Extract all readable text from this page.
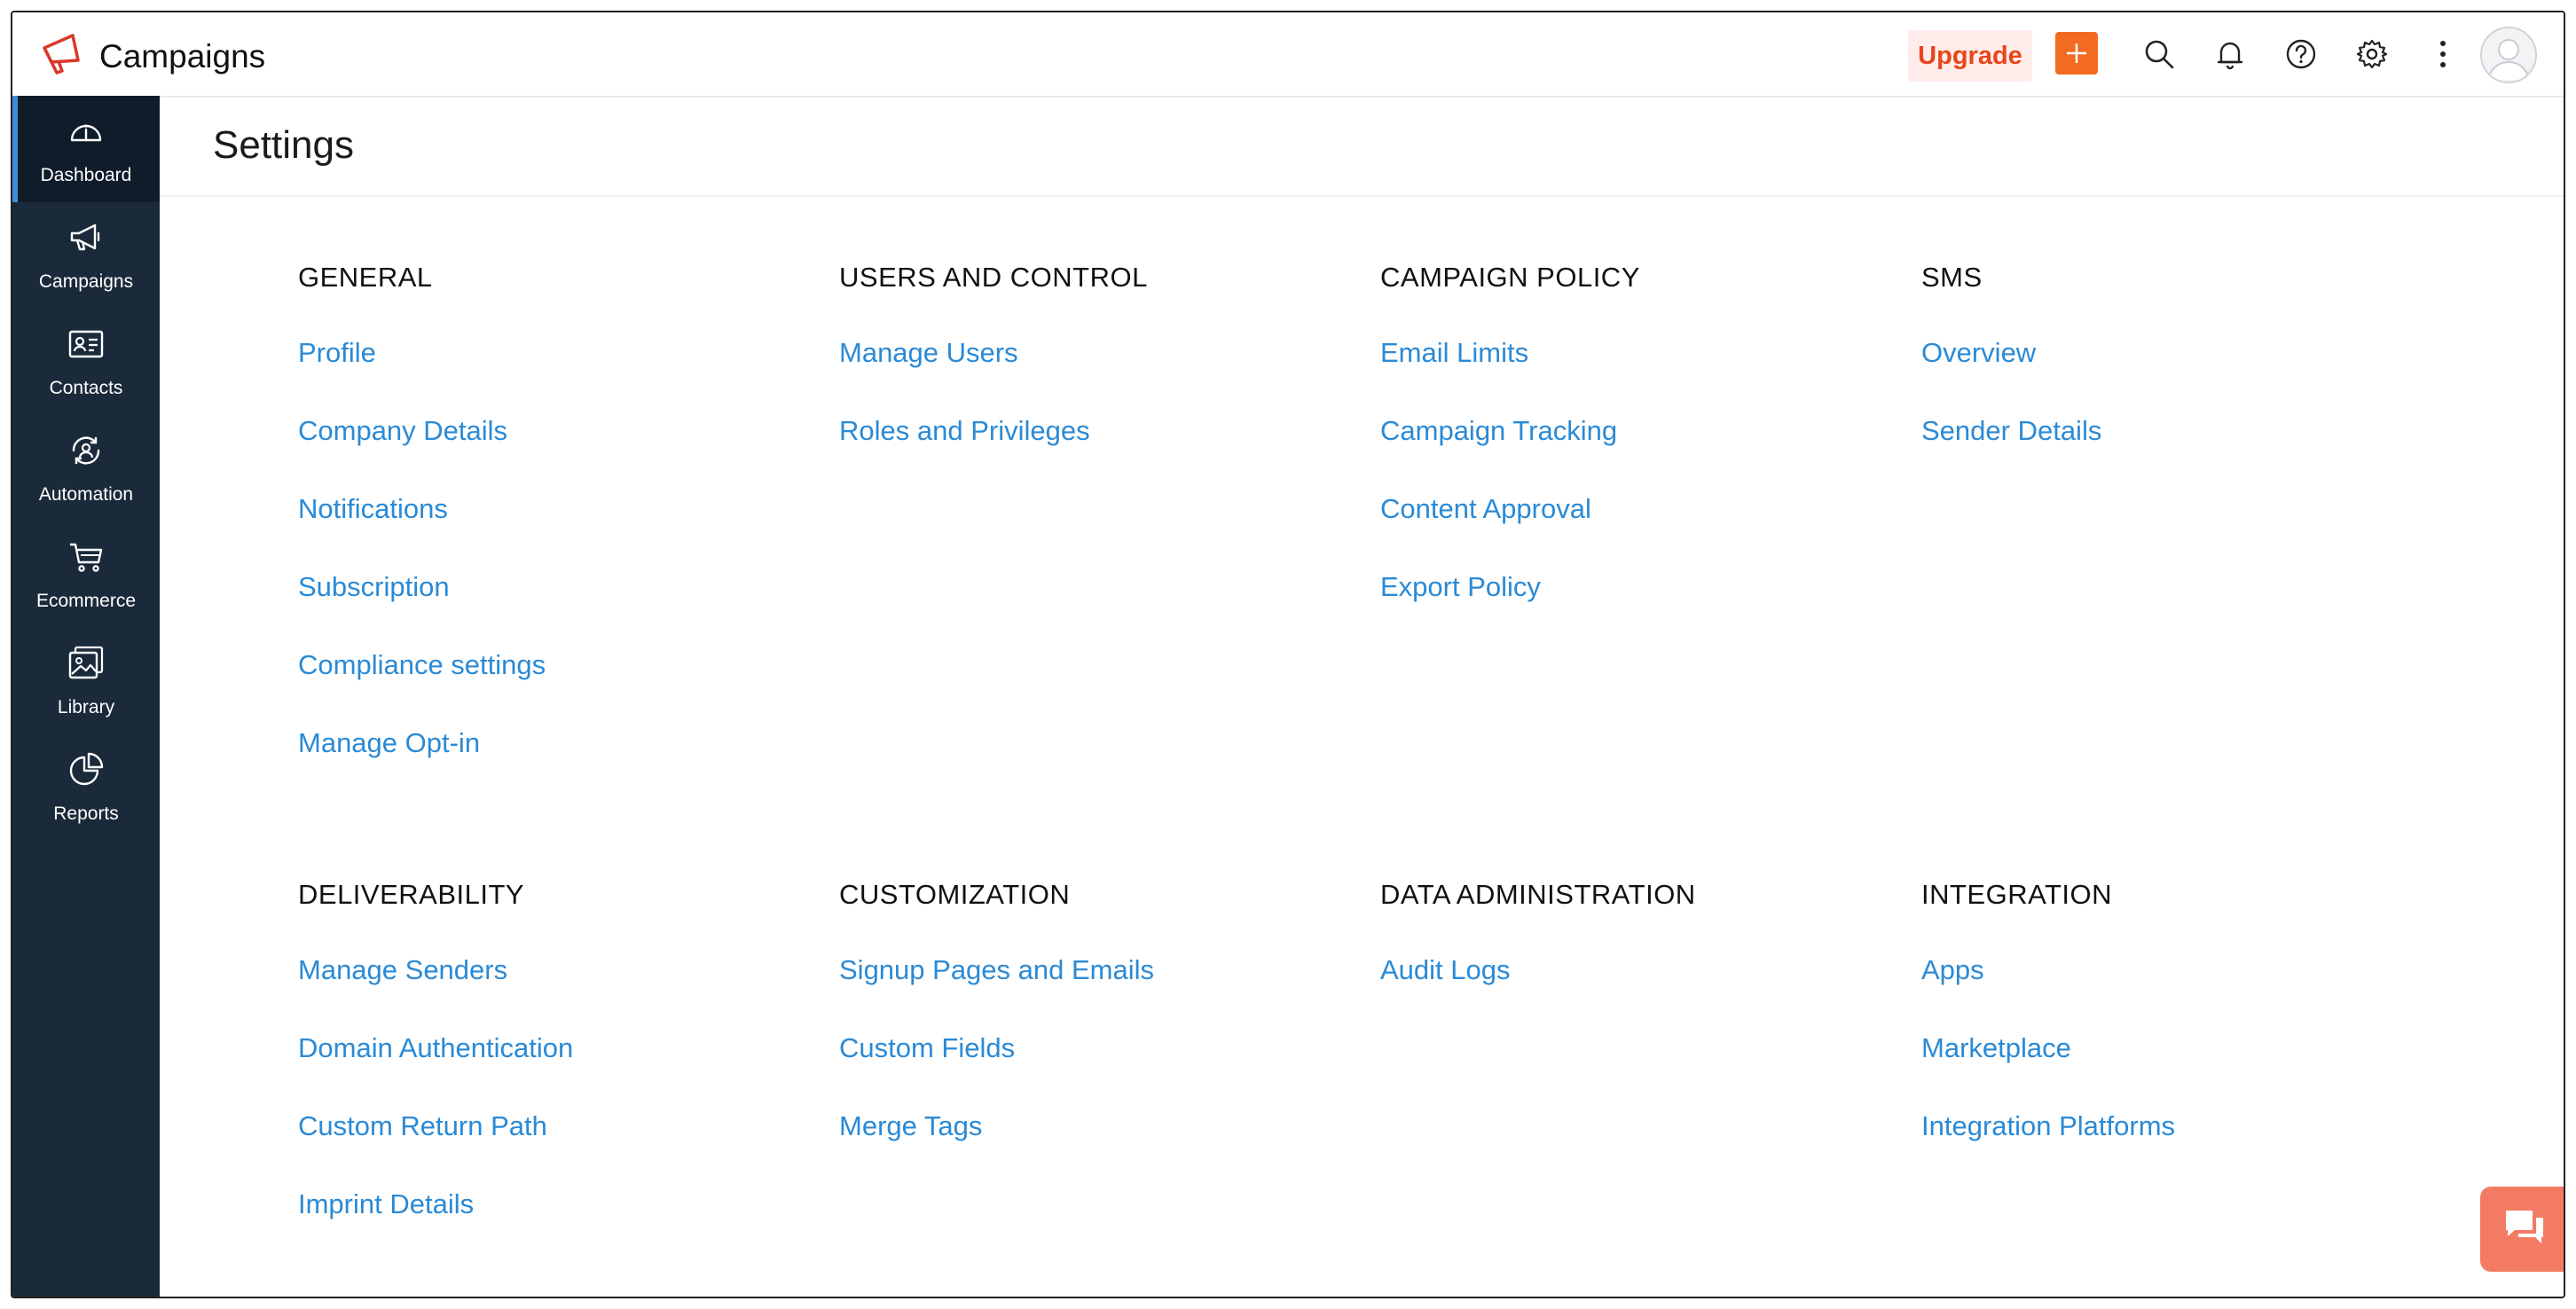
Campaigns	Upgrade
Dashboard
Campaigns
Contacts
Automation
Ecommerce
Library
Reports
Settings
GENERAL
Profile
Company Details
Notifications
Subscription
Compliance settings
Manage Opt-in
USERS AND CONTROL
Manage Users
Roles and Privileges
CAMPAIGN POLICY
Email Limits
Campaign Tracking
Content Approval
Export Policy
SMS
Overview
Sender Details
DELIVERABILITY
Manage Senders
Domain Authentication
Custom Return Path
Imprint Details
CUSTOMIZATION
Signup Pages and Emails
Custom Fields
Merge Tags
DATA ADMINISTRATION
Audit Logs
INTEGRATION
Apps
Marketplace
Integration Platforms
